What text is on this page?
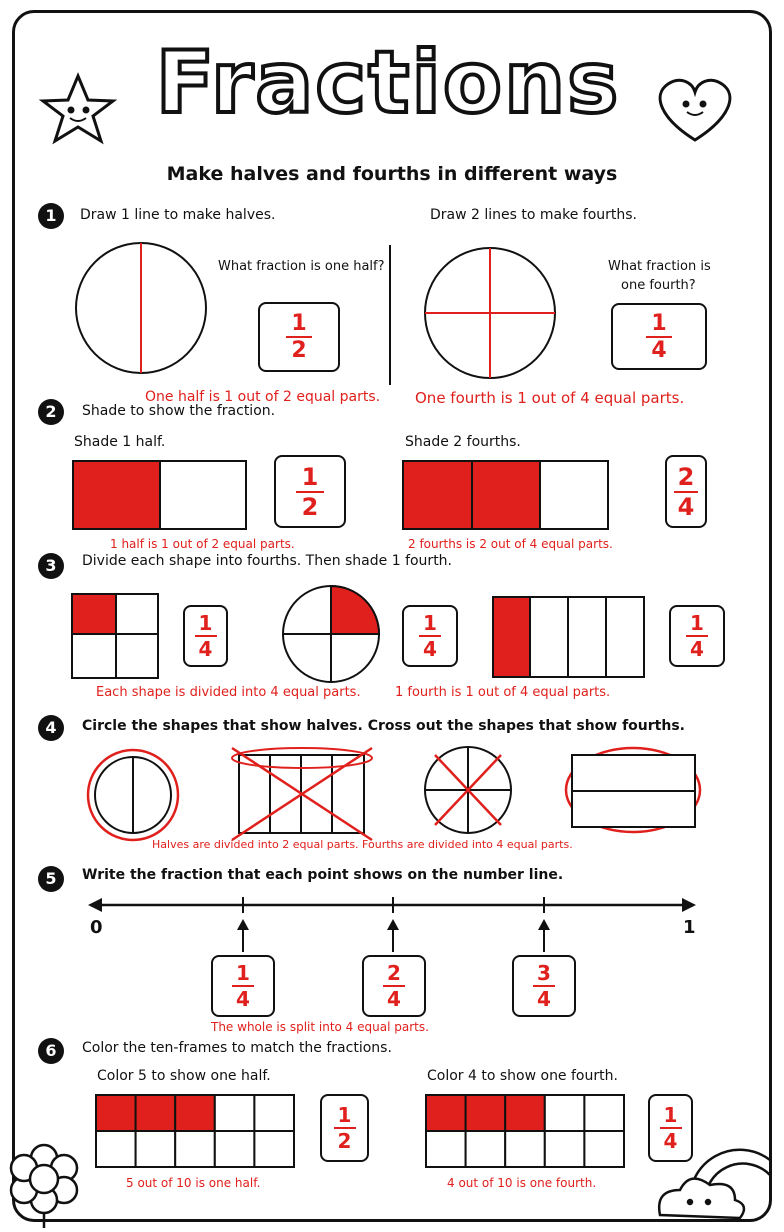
Fractions
Make halves and fourths in different ways
1	Draw 1 line to make halves.	Draw 2 lines to make fourths.
What fraction is one half?	What fraction is
one fourth?
1
2
1
4
One half is 1 out of 2 equal parts. One fourth is 1 out of 4 equal parts.
2	Shade to show the fraction.
Shade 1 half.	Shade 2 fourths.
1
2
2
4
1 half is 1 out of 2 equal parts.	2 fourths is 2 out of 4 equal parts.
3	Divide each shape into fourths. Then shade 1 fourth.
1
4
1
4
1
4
Each shape is divided into 4 equal parts.	1 fourth is 1 out of 4 equal parts.
4	Circle the shapes that show halves. Cross out the shapes that show fourths.
Halves are divided into 2 equal parts. Fourths are divided into 4 equal parts.
5	Write the fraction that each point shows on the number line.
0	1
1
4
2
4
3
4
The whole is split into 4 equal parts.
6	Color the ten-frames to match the fractions.
Color 5 to show one half.	Color 4 to show one fourth.
1
2
1
4
5 out of 10 is one half.	4 out of 10 is one fourth.
